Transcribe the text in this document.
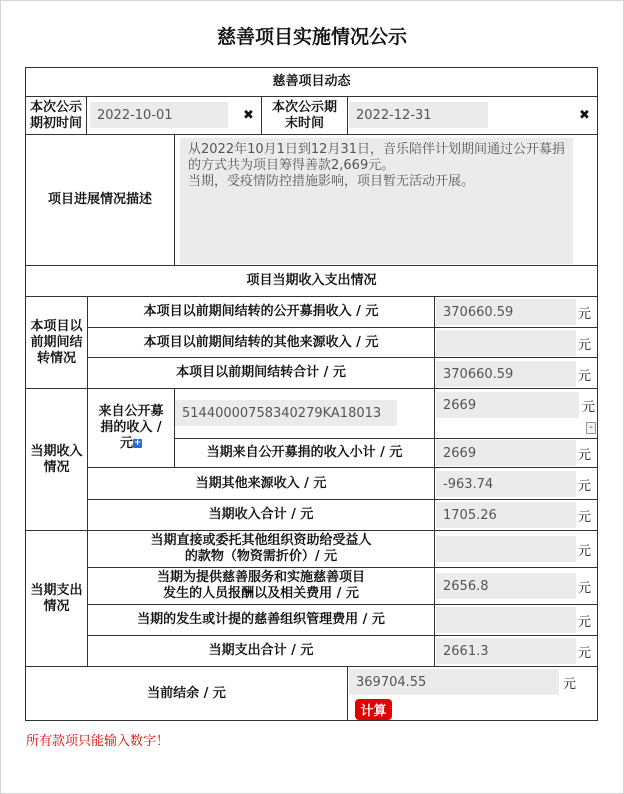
慈善项目实施情况公示
慈善项目动态
本次公示期初时间
2022-10-01	✖
本次公示期末时间
2022-12-31	✖
项目进展情况描述
从2022年10月1日到12月31日，音乐陪伴计划期间通过公开募捐的方式共为项目筹得善款2,669元。
当期，受疫情防控措施影响，项目暂无活动开展。
项目当期收入支出情况
本项目以前期间结转情况
本项目以前期间结转的公开募捐收入 / 元	370660.59	元
本项目以前期间结转的其他来源收入 / 元	元
本项目以前期间结转合计 / 元	370660.59	元
当期收入情况
来自公开募捐的收入 / 元+
51440000758340279KA18013
2669	元
-
当期来自公开募捐的收入小计 / 元	2669	元
当期其他来源收入 / 元	-963.74	元
当期收入合计 / 元	1705.26	元
当期支出情况
当期直接或委托其他组织资助给受益人
的款物（物资需折价）/ 元	元
当期为提供慈善服务和实施慈善项目
发生的人员报酬以及相关费用 / 元	2656.8	元
当期的发生或计提的慈善组织管理费用 / 元	元
当期支出合计 / 元	2661.3	元
当前结余 / 元
369704.55	元
计算
所有款项只能输入数字！
